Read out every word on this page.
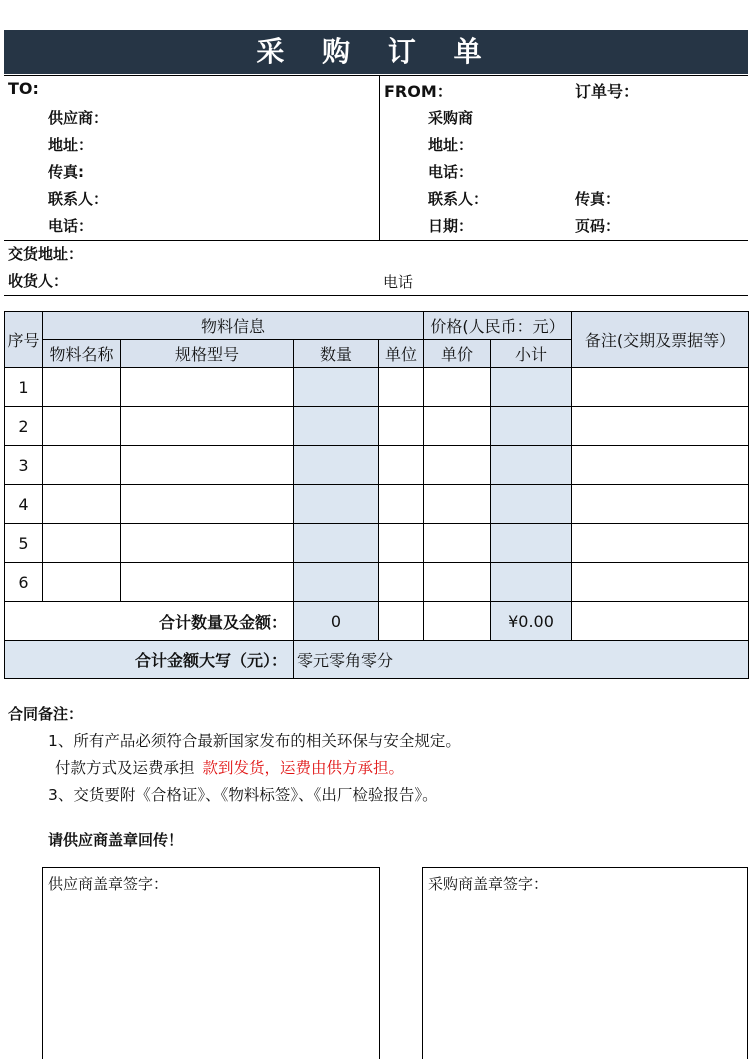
采 购 订 单
TO:
供应商：
地址：
传真:
联系人：
电话：
FROM：
采购商
地址：
电话：
联系人：
日期：
订单号：
传真：
页码：
交货地址：
收货人：	电话
序号	物料信息				价格(人民币：元）		备注(交期及票据等）
	物料名称	规格型号	数量	单位	单价	小计	
1							
2							
3							
4							
5							
6							
合计数量及金额：			0			¥0.00	
合计金额大写（元）：			零元零角零分				
合同备注：
1、所有产品必须符合最新国家发布的相关环保与安全规定。
付款方式及运费承担 款到发货，运费由供方承担。
3、交货要附《合格证》、《物料标签》、《出厂检验报告》。
请供应商盖章回传！
供应商盖章签字：	采购商盖章签字：
